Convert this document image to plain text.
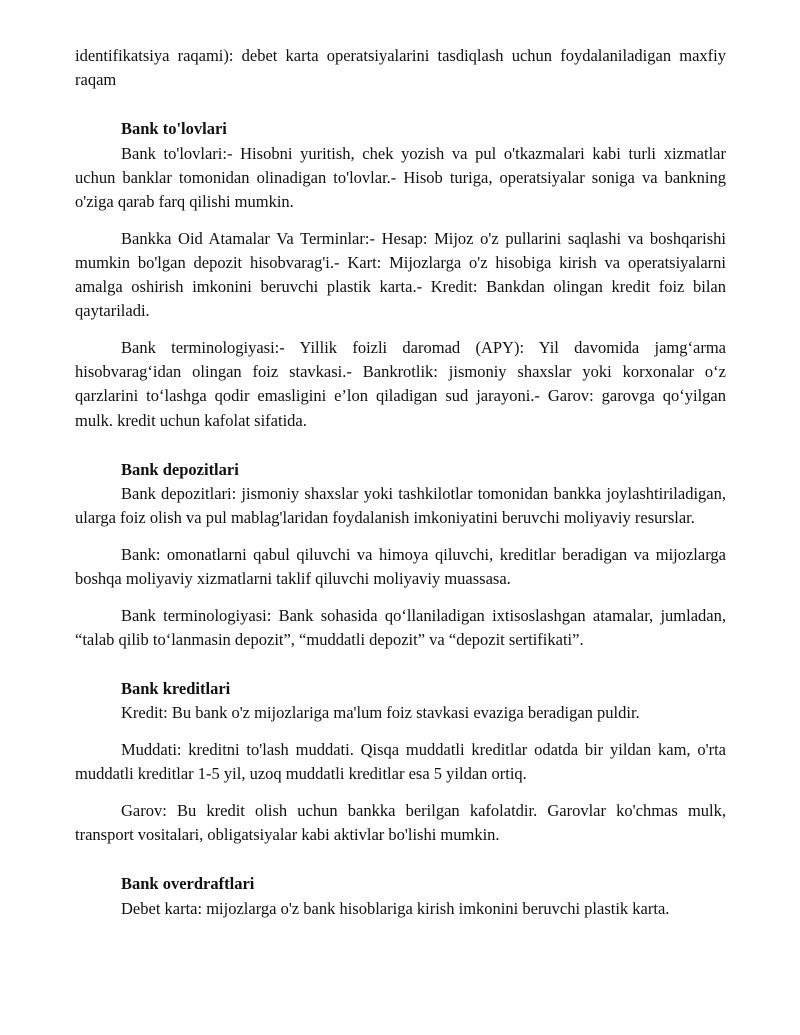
identifikatsiya raqami): debet karta operatsiyalarini tasdiqlash uchun foydalaniladigan maxfiy raqam

Bank to'lovlari

Bank to'lovlari:- Hisobni yuritish, chek yozish va pul o'tkazmalari kabi turli xizmatlar uchun banklar tomonidan olinadigan to'lovlar.- Hisob turiga, operatsiyalar soniga va bankning o'ziga qarab farq qilishi mumkin.

Bankka Oid Atamalar Va Terminlar:- Hesap: Mijoz o'z pullarini saqlashi va boshqarishi mumkin bo'lgan depozit hisobvarag'i.- Kart: Mijozlarga o'z hisobiga kirish va operatsiyalarni amalga oshirish imkonini beruvchi plastik karta.- Kredit: Bankdan olingan kredit foiz bilan qaytariladi.

Bank terminologiyasi:- Yillik foizli daromad (APY): Yil davomida jamg‘arma hisobvarag‘idan olingan foiz stavkasi.- Bankrotlik: jismoniy shaxslar yoki korxonalar o‘z qarzlarini to‘lashga qodir emasligini e’lon qiladigan sud jarayoni.- Garov: garovga qo‘yilgan mulk. kredit uchun kafolat sifatida.

Bank depozitlari

Bank depozitlari: jismoniy shaxslar yoki tashkilotlar tomonidan bankka joylashtiriladigan, ularga foiz olish va pul mablag'laridan foydalanish imkoniyatini beruvchi moliyaviy resurslar.

Bank: omonatlarni qabul qiluvchi va himoya qiluvchi, kreditlar beradigan va mijozlarga boshqa moliyaviy xizmatlarni taklif qiluvchi moliyaviy muassasa.

Bank terminologiyasi: Bank sohasida qo‘llaniladigan ixtisoslashgan atamalar, jumladan, “talab qilib to‘lanmasin depozit”, “muddatli depozit” va “depozit sertifikati”.

Bank kreditlari

Kredit: Bu bank o'z mijozlariga ma'lum foiz stavkasi evaziga beradigan puldir.

Muddati: kreditni to'lash muddati. Qisqa muddatli kreditlar odatda bir yildan kam, o'rta muddatli kreditlar 1-5 yil, uzoq muddatli kreditlar esa 5 yildan ortiq.

Garov: Bu kredit olish uchun bankka berilgan kafolatdir. Garovlar ko'chmas mulk, transport vositalari, obligatsiyalar kabi aktivlar bo'lishi mumkin.

Bank overdraftlari

Debet karta: mijozlarga o'z bank hisoblariga kirish imkonini beruvchi plastik karta.
